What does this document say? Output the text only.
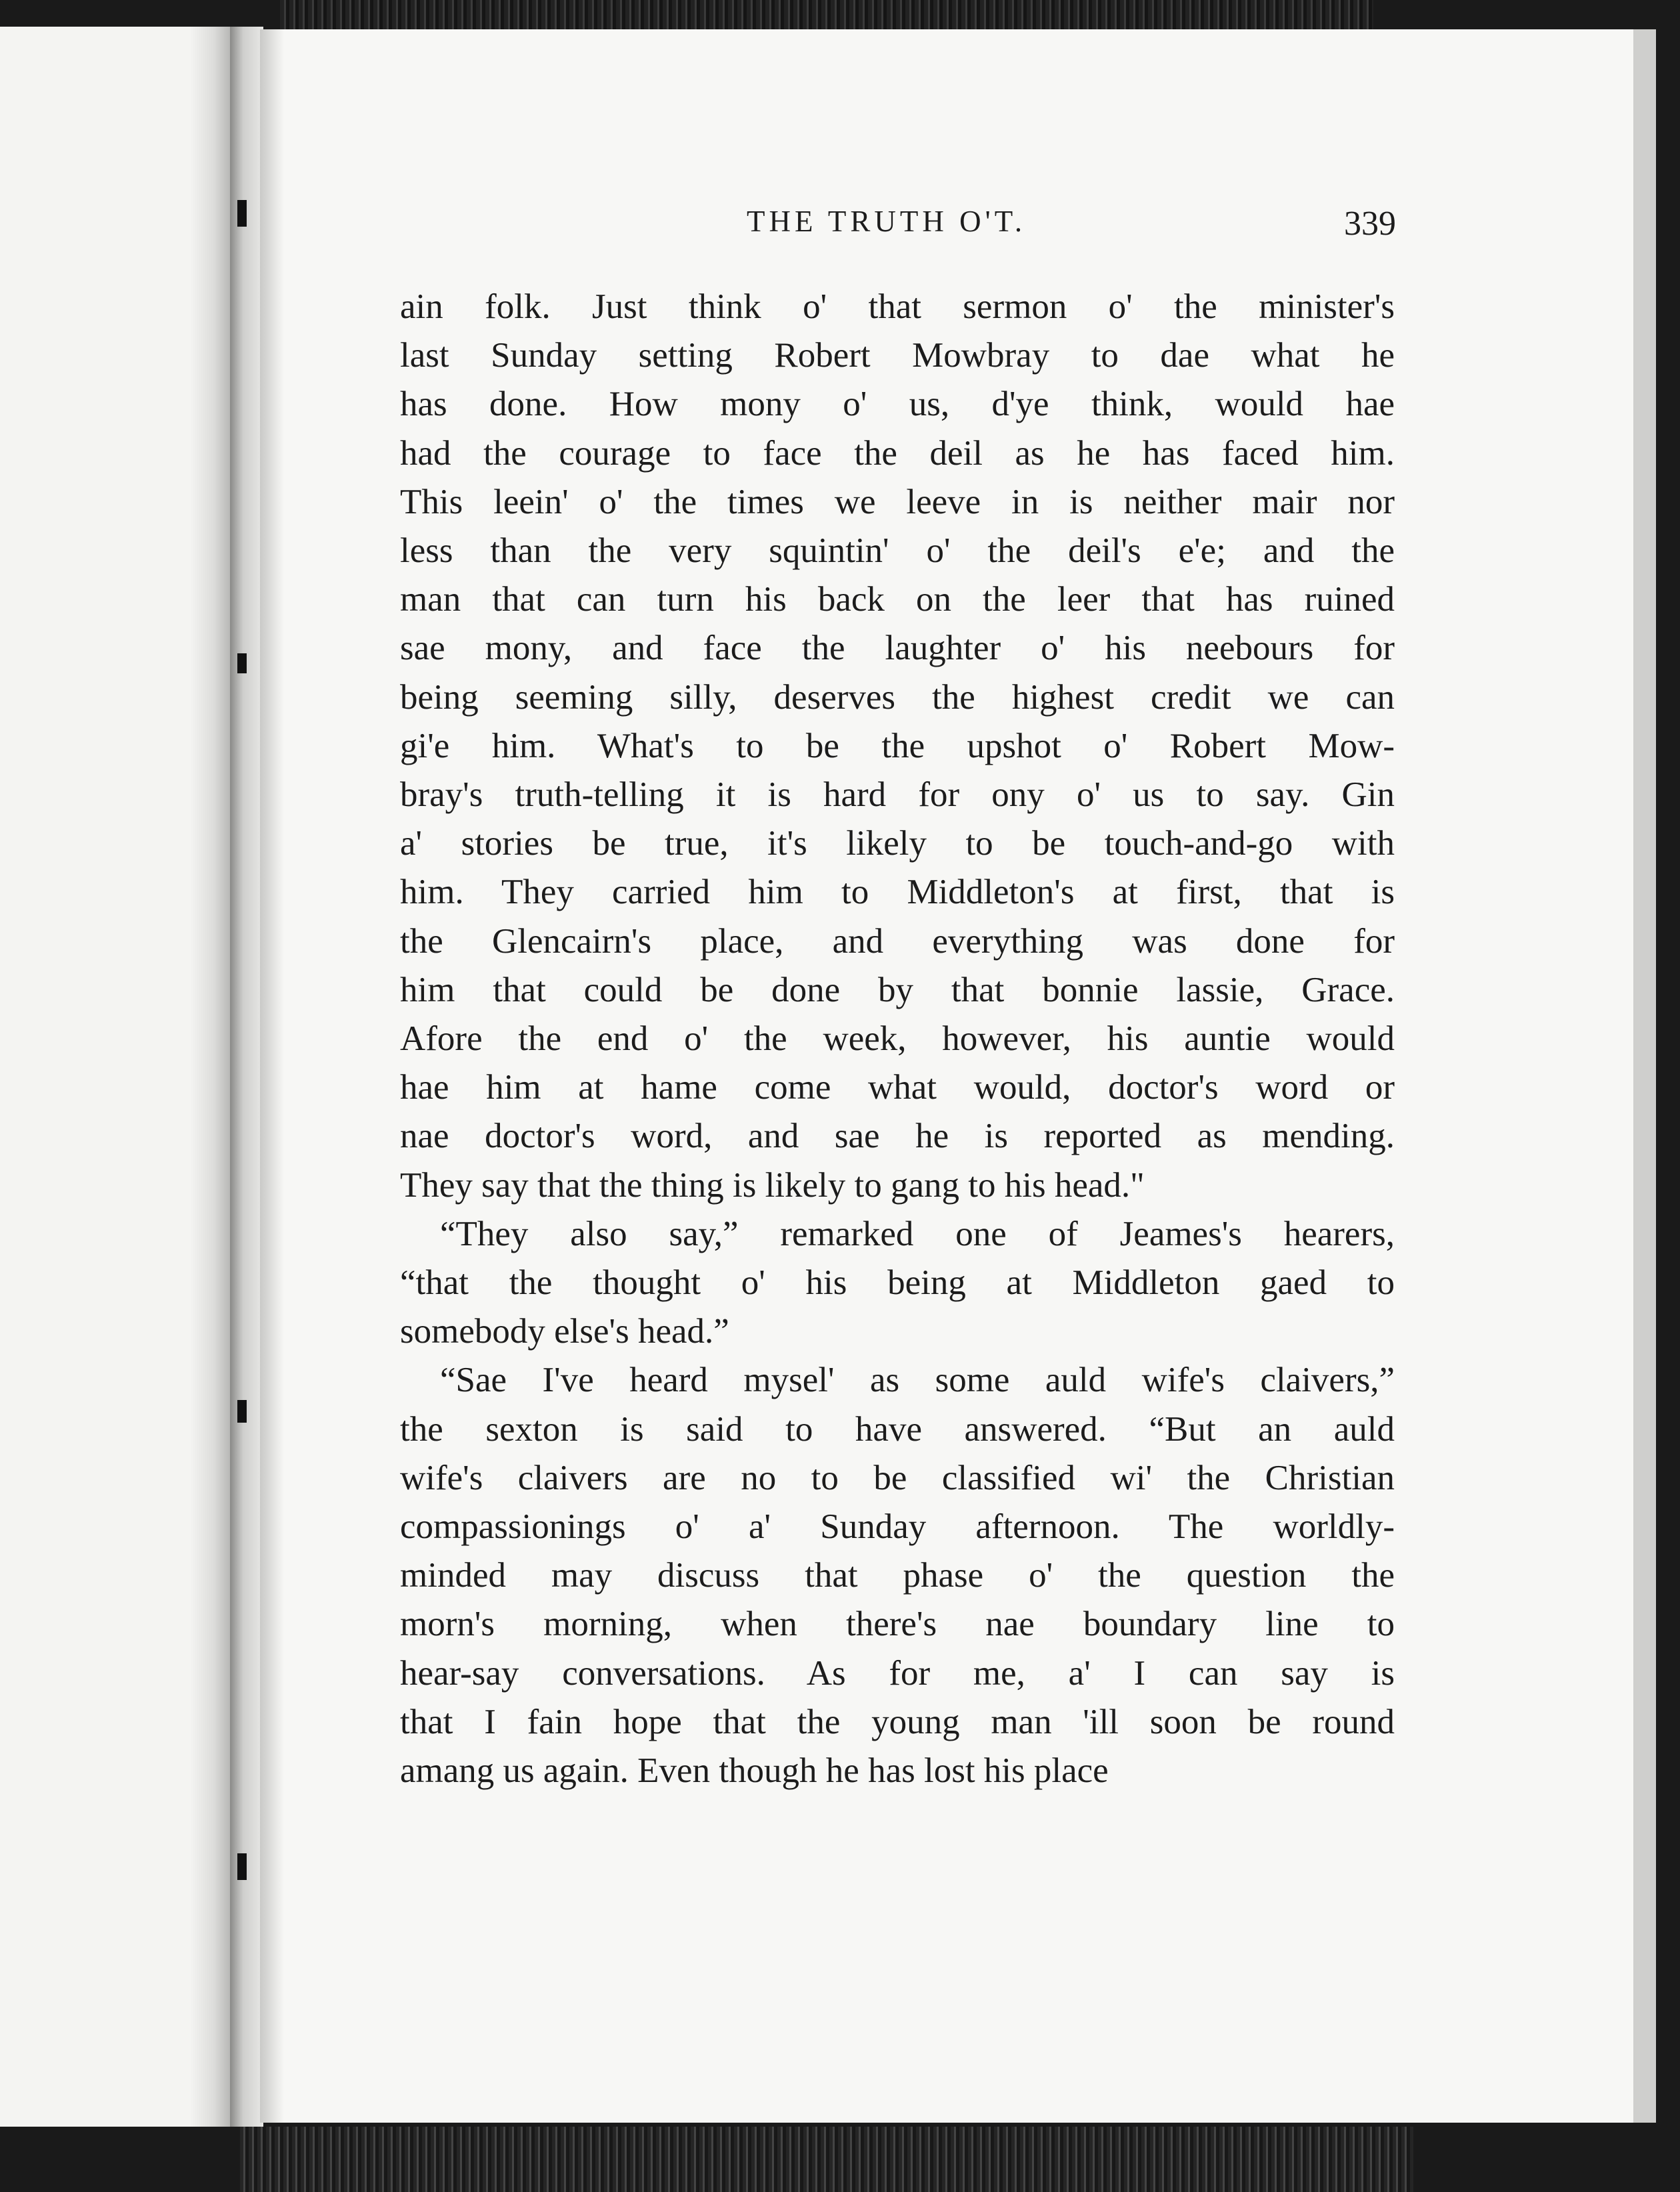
THE TRUTH O'T.	339
ain folk. Just think o' that sermon o' the minister's
last Sunday setting Robert Mowbray to dae what he
has done. How mony o' us, d'ye think, would hae
had the courage to face the deil as he has faced him.
This leein' o' the times we leeve in is neither mair nor
less than the very squintin' o' the deil's e'e; and the
man that can turn his back on the leer that has ruined
sae mony, and face the laughter o' his neebours for
being seeming silly, deserves the highest credit we can
gi'e him. What's to be the upshot o' Robert Mow-
bray's truth-telling it is hard for ony o' us to say. Gin
a' stories be true, it's likely to be touch-and-go with
him. They carried him to Middleton's at first, that is
the Glencairn's place, and everything was done for
him that could be done by that bonnie lassie, Grace.
Afore the end o' the week, however, his auntie would
hae him at hame come what would, doctor's word or
nae doctor's word, and sae he is reported as mending.
They say that the thing is likely to gang to his head."
“They also say,” remarked one of Jeames's hearers,
“that the thought o' his being at Middleton gaed to
somebody else's head.”
“Sae I've heard mysel' as some auld wife's claivers,”
the sexton is said to have answered. “But an auld
wife's claivers are no to be classified wi' the Christian
compassionings o' a' Sunday afternoon. The worldly-
minded may discuss that phase o' the question the
morn's morning, when there's nae boundary line to
hear-say conversations. As for me, a' I can say is
that I fain hope that the young man 'ill soon be round
amang us again. Even though he has lost his place
